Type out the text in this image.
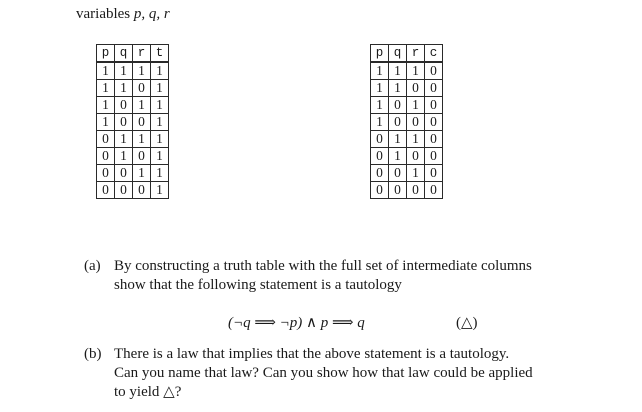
variables p, q, r
p	q	r	t
1	1	1	1
1	1	0	1
1	0	1	1
1	0	0	1
0	1	1	1
0	1	0	1
0	0	1	1
0	0	0	1
p	q	r	c
1	1	1	0
1	1	0	0
1	0	1	0
1	0	0	0
0	1	1	0
0	1	0	0
0	0	1	0
0	0	0	0
(a) By constructing a truth table with the full set of intermediate columns
show that the following statement is a tautology
(¬q ⟹ ¬p) ∧ p ⟹ q	(△)
(b) There is a law that implies that the above statement is a tautology.
Can you name that law? Can you show how that law could be applied
to yield △?
